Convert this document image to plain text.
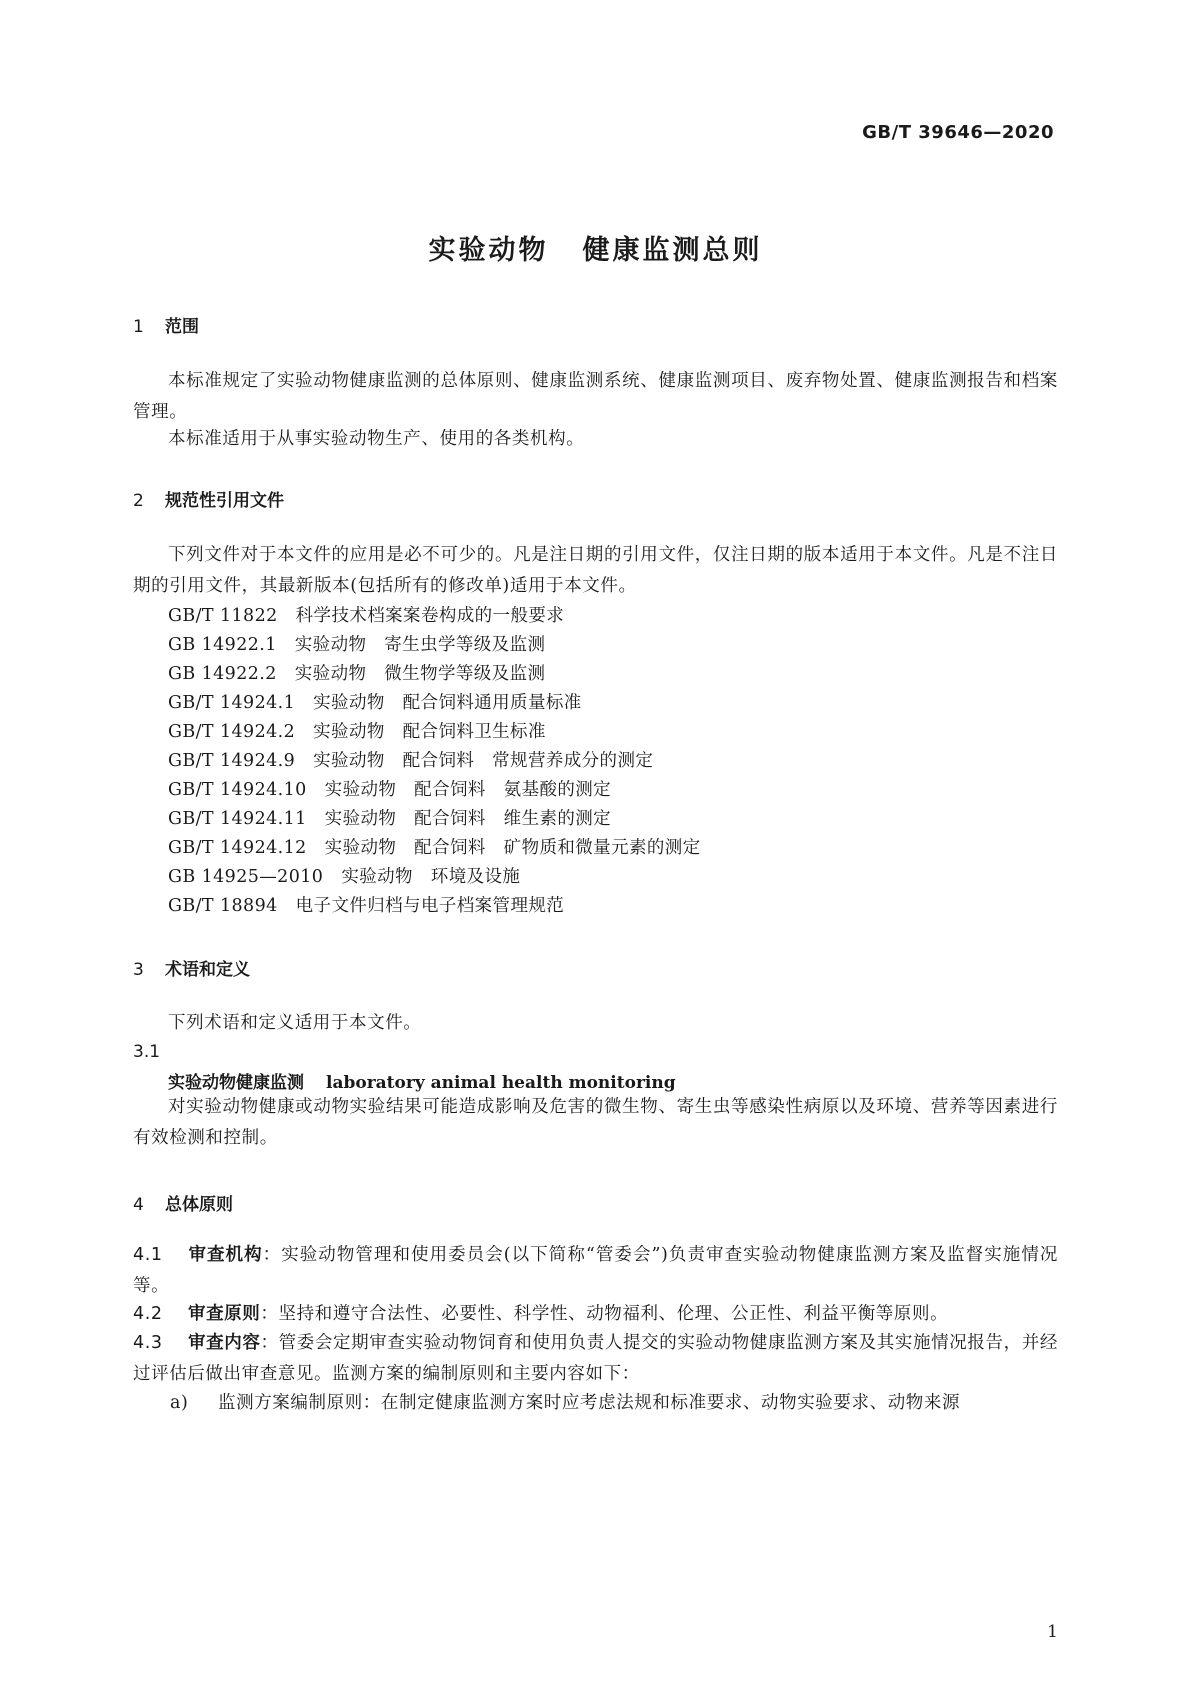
GB/T 39646—2020
实验动物 健康监测总则
1 范围
本标准规定了实验动物健康监测的总体原则、健康监测系统、健康监测项目、废弃物处置、健康监测报告和档案管理。
本标准适用于从事实验动物生产、使用的各类机构。
2 规范性引用文件
下列文件对于本文件的应用是必不可少的。凡是注日期的引用文件，仅注日期的版本适用于本文件。凡是不注日期的引用文件，其最新版本(包括所有的修改单)适用于本文件。
GB/T 11822 科学技术档案案卷构成的一般要求
GB 14922.1 实验动物　寄生虫学等级及监测
GB 14922.2 实验动物　微生物学等级及监测
GB/T 14924.1 实验动物　配合饲料通用质量标准
GB/T 14924.2 实验动物　配合饲料卫生标准
GB/T 14924.9 实验动物　配合饲料　常规营养成分的测定
GB/T 14924.10 实验动物　配合饲料　氨基酸的测定
GB/T 14924.11 实验动物　配合饲料　维生素的测定
GB/T 14924.12 实验动物　配合饲料　矿物质和微量元素的测定
GB 14925—2010 实验动物　环境及设施
GB/T 18894 电子文件归档与电子档案管理规范
3 术语和定义
下列术语和定义适用于本文件。
3.1
实验动物健康监测 laboratory animal health monitoring
对实验动物健康或动物实验结果可能造成影响及危害的微生物、寄生虫等感染性病原以及环境、营养等因素进行有效检测和控制。
4 总体原则
4.1 审查机构：实验动物管理和使用委员会(以下简称“管委会”)负责审查实验动物健康监测方案及监督实施情况等。
4.2 审查原则：坚持和遵守合法性、必要性、科学性、动物福利、伦理、公正性、利益平衡等原则。
4.3 审查内容：管委会定期审查实验动物饲育和使用负责人提交的实验动物健康监测方案及其实施情况报告，并经过评估后做出审查意见。监测方案的编制原则和主要内容如下：
a) 监测方案编制原则：在制定健康监测方案时应考虑法规和标准要求、动物实验要求、动物来源
1
